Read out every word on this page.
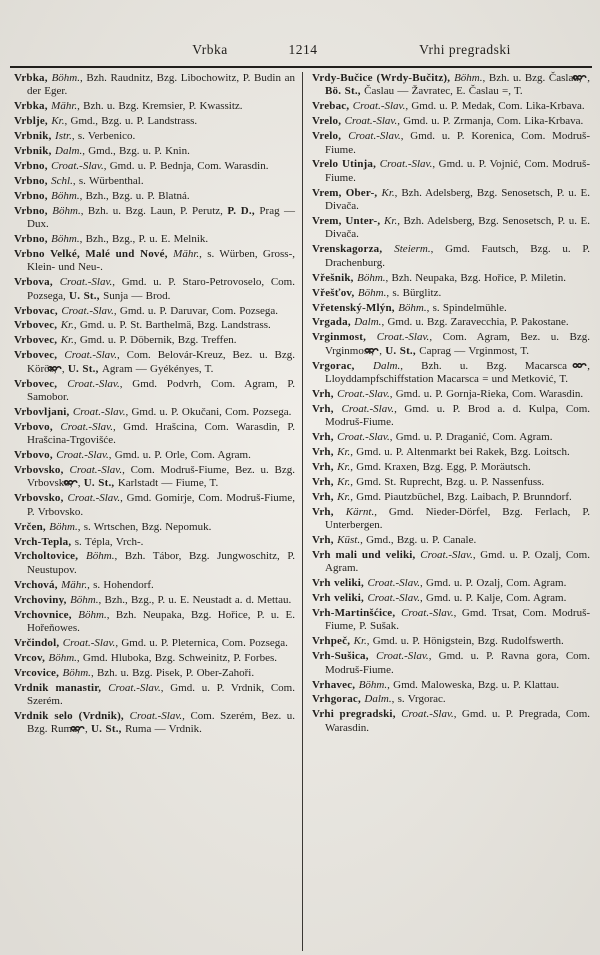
Vrbka	1214	Vrhi pregradski

Vrbka, Böhm., Bzh. Raudnitz, Bzg. Libochowitz, P. Budin an der Eger.

Vrbka, Mähr., Bzh. u. Bzg. Kremsier, P. Kwassitz.

Vrblje, Kr., Gmd., Bzg. u. P. Landstrass.

Vrbnik, Istr., s. Verbenico.

Vrbnik, Dalm., Gmd., Bzg. u. P. Knin.

Vrbno, Croat.-Slav., Gmd. u. P. Bednja, Com. Warasdin.

Vrbno, Schl., s. Würbenthal.

Vrbno, Böhm., Bzh., Bzg. u. P. Blatná.

Vrbno, Böhm., Bzh. u. Bzg. Laun, P. Perutz, P. D., Prag — Dux.

Vrbno, Böhm., Bzh., Bzg., P. u. E. Melnik.

Vrbno Velké, Malé und Nové, Mähr., s. Würben, Gross-, Klein- und Neu-.

Vrbova, Croat.-Slav., Gmd. u. P. Staro-Petrovoselo, Com. Pozsega, U. St., Sunja — Brod.

Vrbovac, Croat.-Slav., Gmd. u. P. Daruvar, Com. Pozsega.

Vrbovec, Kr., Gmd. u. P. St. Barthelmä, Bzg. Landstrass.

Vrbovec, Kr., Gmd. u. P. Döbernik, Bzg. Treffen.

Vrbovec, Croat.-Slav., Com. Belovár-Kreuz, Bez. u. Bzg. Körös, , U. St., Agram — Gyékényes, T.

Vrbovec, Croat.-Slav., Gmd. Podvrh, Com. Agram, P. Samobor.

Vrbovljani, Croat.-Slav., Gmd. u. P. Okučani, Com. Pozsega.

Vrbovo, Croat.-Slav., Gmd. Hrašcina, Com. Warasdin, P. Hrašcina-Trgovišće.

Vrbovo, Croat.-Slav., Gmd. u. P. Orle, Com. Agram.

Vrbovsko, Croat.-Slav., Com. Modruš-Fiume, Bez. u. Bzg. Vrbovsko, , U. St., Karlstadt — Fiume, T.

Vrbovsko, Croat.-Slav., Gmd. Gomirje, Com. Modruš-Fiume, P. Vrbovsko.

Vrčen, Böhm., s. Wrtschen, Bzg. Nepomuk.

Vrch-Tepla, s. Tépla, Vrch-.

Vrcholtovice, Böhm., Bzh. Tábor, Bzg. Jungwoschitz, P. Neustupov.

Vrchová, Mähr., s. Hohendorf.

Vrchoviny, Böhm., Bzh., Bzg., P. u. E. Neustadt a. d. Mettau.

Vrchovnice, Böhm., Bzh. Neupaka, Bzg. Hořice, P. u. E. Hořeňowes.

Vrčindol, Croat.-Slav., Gmd. u. P. Pleternica, Com. Pozsega.

Vrcov, Böhm., Gmd. Hluboka, Bzg. Schweinitz, P. Forbes.

Vrcovice, Böhm., Bzh. u. Bzg. Pisek, P. Ober-Zahoři.

Vrdnik manastir, Croat.-Slav., Gmd. u. P. Vrdnik, Com. Szerém.

Vrdnik selo (Vrdnik), Croat.-Slav., Com. Szerém, Bez. u. Bzg. Ruma, , U. St., Ruma — Vrdnik.

Vrdy-Bučice (Wrdy-Bučitz), Böhm., Bzh. u. Bzg. Časlau, , Bö. St., Časlau — Žavratec, E. Časlau =, T.

Vrebac, Croat.-Slav., Gmd. u. P. Medak, Com. Lika-Krbava.

Vrelo, Croat.-Slav., Gmd. u. P. Zrmanja, Com. Lika-Krbava.

Vrelo, Croat.-Slav., Gmd. u. P. Korenica, Com. Modruš-Fiume.

Vrelo Utinja, Croat.-Slav., Gmd. u. P. Vojnić, Com. Modruš-Fiume.

Vrem, Ober-, Kr., Bzh. Adelsberg, Bzg. Senosetsch, P. u. E. Divača.

Vrem, Unter-, Kr., Bzh. Adelsberg, Bzg. Senosetsch, P. u. E. Divača.

Vrenskagorza, Steierm., Gmd. Fautsch, Bzg. u. P. Drachenburg.

Vřešnik, Böhm., Bzh. Neupaka, Bzg. Hořice, P. Miletin.

Vřešťov, Böhm., s. Bürglitz.

Vřetenský-Mlýn, Böhm., s. Spindelmühle.

Vrgada, Dalm., Gmd. u. Bzg. Zaravecchia, P. Pakostane.

Vrginmost, Croat.-Slav., Com. Agram, Bez. u. Bzg. Vrginmost, , U. St., Caprag — Vrginmost, T.

Vrgorac, Dalm., Bzh. u. Bzg. Macarsca , Lloyddampfschiffstation Macarsca = und Metković, T.

Vrh, Croat.-Slav., Gmd. u. P. Gornja-Rieka, Com. Warasdin.

Vrh, Croat.-Slav., Gmd. u. P. Brod a. d. Kulpa, Com. Modruš-Fiume.

Vrh, Croat.-Slav., Gmd. u. P. Draganić, Com. Agram.

Vrh, Kr., Gmd. u. P. Altenmarkt bei Rakek, Bzg. Loitsch.

Vrh, Kr., Gmd. Kraxen, Bzg. Egg, P. Moräutsch.

Vrh, Kr., Gmd. St. Ruprecht, Bzg. u. P. Nassenfuss.

Vrh, Kr., Gmd. Piautzbüchel, Bzg. Laibach, P. Brunndorf.

Vrh, Kärnt., Gmd. Nieder-Dörfel, Bzg. Ferlach, P. Unterbergen.

Vrh, Küst., Gmd., Bzg. u. P. Canale.

Vrh mali und veliki, Croat.-Slav., Gmd. u. P. Ozalj, Com. Agram.

Vrh veliki, Croat.-Slav., Gmd. u. P. Ozalj, Com. Agram.

Vrh veliki, Croat.-Slav., Gmd. u. P. Kalje, Com. Agram.

Vrh-Martinšćice, Croat.-Slav., Gmd. Trsat, Com. Modruš-Fiume, P. Sušak.

Vrhpeč, Kr., Gmd. u. P. Hönigstein, Bzg. Rudolfswerth.

Vrh-Sušica, Croat.-Slav., Gmd. u. P. Ravna gora, Com. Modruš-Fiume.

Vrhavec, Böhm., Gmd. Maloweska, Bzg. u. P. Klattau.

Vrhgorac, Dalm., s. Vrgorac.

Vrhi pregradski, Croat.-Slav., Gmd. u. P. Pregrada, Com. Warasdin.
